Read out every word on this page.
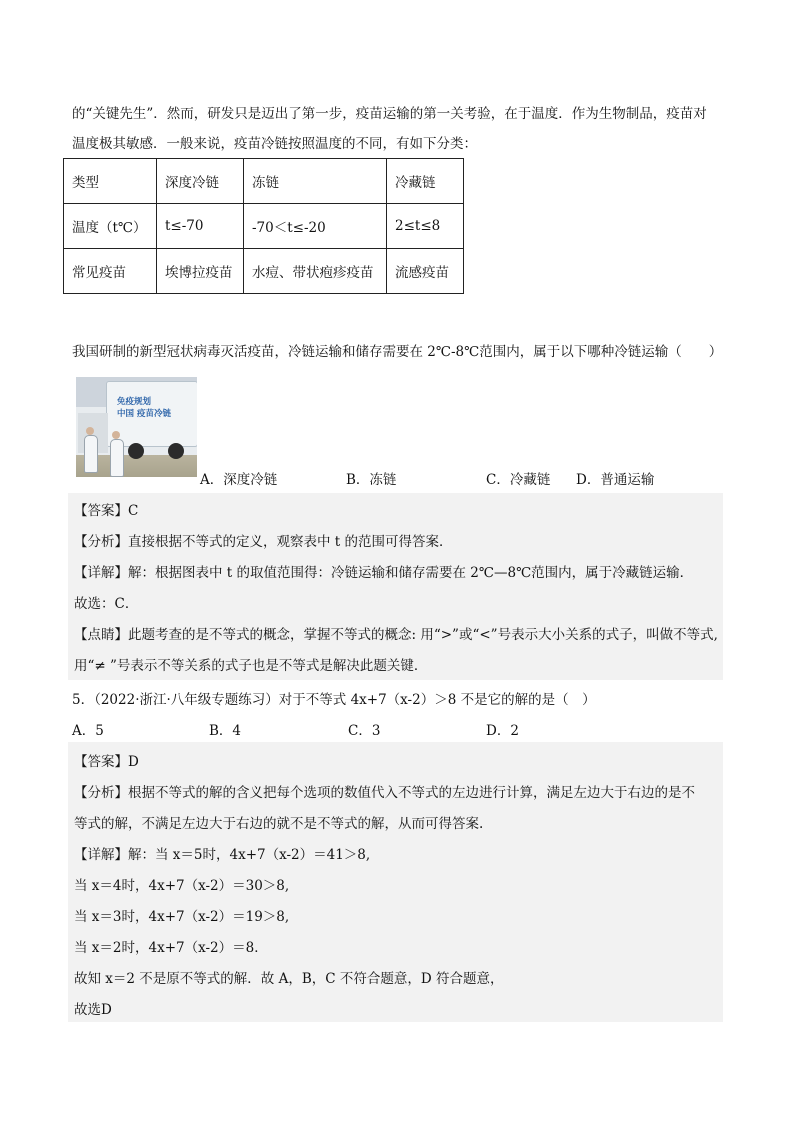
的“关键先生”．然而，研发只是迈出了第一步，疫苗运输的第一关考验，在于温度．作为生物制品，疫苗对
温度极其敏感．一般来说，疫苗冷链按照温度的不同，有如下分类：
类型	深度冷链	冻链	冷藏链
温度（t℃）	t≤-70	-70＜t≤-20	2≤t≤8
常见疫苗	埃博拉疫苗	水痘、带状疱疹疫苗	流感疫苗
我国研制的新型冠状病毒灭活疫苗，冷链运输和储存需要在 2℃-8℃范围内，属于以下哪种冷链运输（　　）
免疫规划
中国 疫苗冷链
A．深度冷链	B．冻链	C．冷藏链 D．普通运输
【答案】C
【分析】直接根据不等式的定义，观察表中 t 的范围可得答案．
【详解】解：根据图表中 t 的取值范围得：冷链运输和储存需要在 2℃—8℃范围内，属于冷藏链运输．
故选：C．
【点睛】此题考查的是不等式的概念，掌握不等式的概念: 用“>”或“<”号表示大小关系的式子，叫做不等式,
用“≠ ”号表示不等关系的式子也是不等式是解决此题关键．
5．（2022·浙江·八年级专题练习）对于不等式 4x+7（x-2）＞8 不是它的解的是（　）
A．5	B．4	C．3	D．2
【答案】D
【分析】根据不等式的解的含义把每个选项的数值代入不等式的左边进行计算，满足左边大于右边的是不
等式的解，不满足左边大于右边的就不是不等式的解，从而可得答案.
【详解】解：当 x＝5时，4x+7（x-2）＝41＞8,
当 x＝4时，4x+7（x-2）＝30＞8,
当 x＝3时，4x+7（x-2）＝19＞8,
当 x＝2时，4x+7（x-2）＝8．
故知 x＝2 不是原不等式的解．故 A，B，C 不符合题意，D 符合题意，
故选D
